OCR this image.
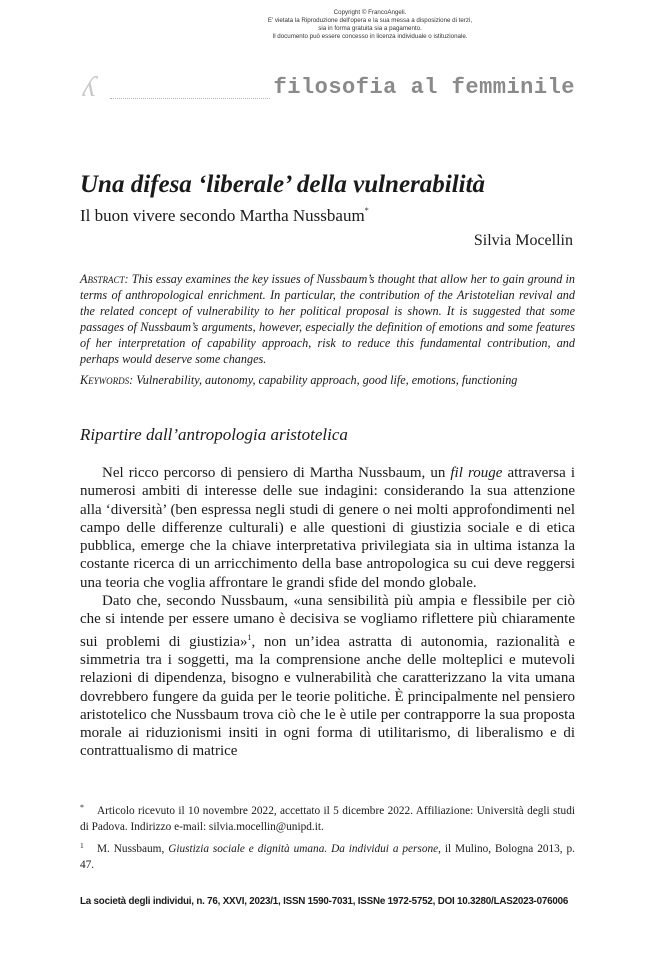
Copyright © FrancoAngeli.
E' vietata la Riproduzione dell'opera e la sua messa a disposizione di terzi,
sia in forma gratuita sia a pagamento.
Il documento può essere concesso in licenza individuale o istituzionale.
ʎ	filosofia al femminile
Una difesa ‘liberale’ della vulnerabilità
Il buon vivere secondo Martha Nussbaum*
Silvia Mocellin

Abstract: This essay examines the key issues of Nussbaum’s thought that allow her to gain ground in terms of anthropological enrichment. In particular, the contribution of the Aristotelian revival and the related concept of vulnerability to her political proposal is shown. It is suggested that some passages of Nussbaum’s arguments, however, especially the definition of emotions and some features of her interpretation of capability approach, risk to reduce this fundamental contribution, and perhaps would deserve some changes.

Keywords: Vulnerability, autonomy, capability approach, good life, emotions, functioning

Ripartire dall’antropologia aristotelica

Nel ricco percorso di pensiero di Martha Nussbaum, un fil rouge attraversa i numerosi ambiti di interesse delle sue indagini: considerando la sua attenzione alla ‘diversità’ (ben espressa negli studi di genere o nei molti approfondimenti nel campo delle differenze culturali) e alle questioni di giustizia sociale e di etica pubblica, emerge che la chiave interpretativa privilegiata sia in ultima istanza la costante ricerca di un arricchimento della base antropologica su cui deve reggersi una teoria che voglia affrontare le grandi sfide del mondo globale.

Dato che, secondo Nussbaum, «una sensibilità più ampia e flessibile per ciò che si intende per essere umano è decisiva se vogliamo riflettere più chiaramente sui problemi di giustizia»$^1$, non un’idea astratta di autonomia, razionalità e simmetria tra i soggetti, ma la comprensione anche delle molteplici e mutevoli relazioni di dipendenza, bisogno e vulnerabilità che caratterizzano la vita umana dovrebbero fungere da guida per le teorie politiche. È principalmente nel pensiero aristotelico che Nussbaum trova ciò che le è utile per contrapporre la sua proposta morale ai riduzionismi insiti in ogni forma di utilitarismo, di liberalismo e di contrattualismo di matrice

* Articolo ricevuto il 10 novembre 2022, accettato il 5 dicembre 2022. Affiliazione: Università degli studi di Padova. Indirizzo e-mail: silvia.mocellin@unipd.it.

1 M. Nussbaum, Giustizia sociale e dignità umana. Da individui a persone, il Mulino, Bologna 2013, p. 47.

La società degli individui, n. 76, XXVI, 2023/1, ISSN 1590-7031, ISSNe 1972-5752, DOI 10.3280/LAS2023-076006
